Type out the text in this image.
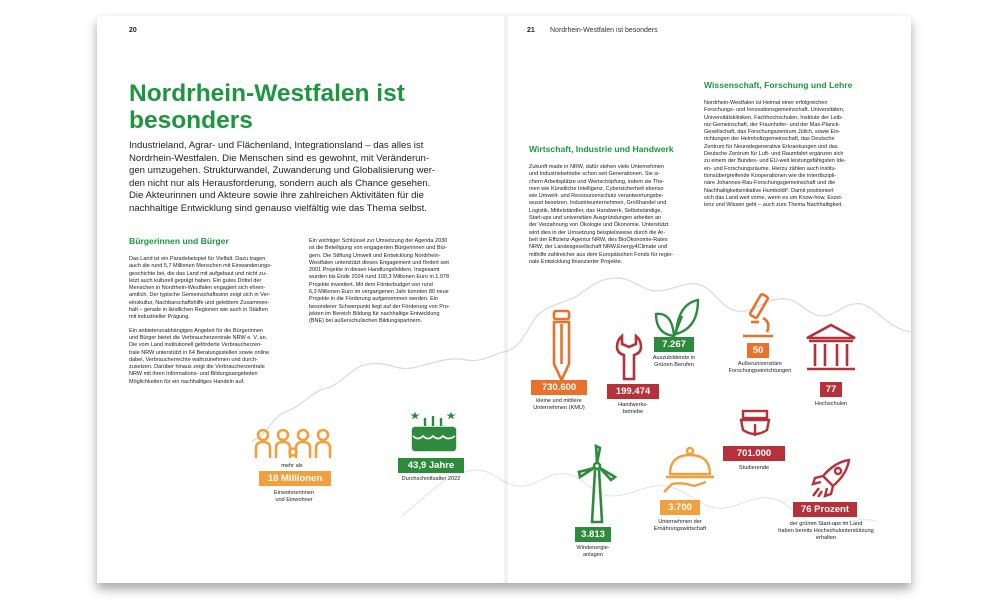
20
Nordrhein-Westfalen ist
besonders
Industrieland, Agrar- und Flächenland, Integrationsland – das alles ist
Nordrhein-Westfalen. Die Menschen sind es gewohnt, mit Veränderun-
gen umzugehen. Strukturwandel, Zuwanderung und Globalisierung wer-
den nicht nur als Herausforderung, sondern auch als Chance gesehen.
Die Akteurinnen und Akteure sowie ihre zahlreichen Aktivitäten für die
nachhaltige Entwicklung sind genauso vielfältig wie das Thema selbst.
Bürgerinnen und Bürger

Das Land ist ein Paradebeispiel für Vielfalt. Dazu tragen
auch die rund 5,7 Millionen Menschen mit Einwanderungs-
geschichte bei, die das Land mit aufgebaut und nicht zu-
letzt auch kulturell geprägt haben. Ein gutes Drittel der
Menschen in Nordrhein-Westfalen engagiert sich ehren-
amtlich. Der typische Gemeinschaftssinn zeigt sich in Ver-
einskultur, Nachbarschaftshilfe und gelebtem Zusammen-
halt – gerade in ländlichen Regionen wie auch in Städten
mit industrieller Prägung.

Ein anbieterunabhängiges Angebot für die Bürgerinnen
und Bürger bietet die Verbraucherzentrale NRW e. V. an.
Die vom Land institutionell geförderte Verbraucherzen-
trale NRW unterstützt in 64 Beratungsstellen sowie online
dabei, Verbraucherrechte wahrzunehmen und durch-
zusetzen. Darüber hinaus zeigt die Verbraucherzentrale
NRW mit ihren Informations- und Bildungsangeboten
Möglichkeiten für ein nachhaltiges Handeln auf.

Ein wichtiger Schlüssel zur Umsetzung der Agenda 2030
ist die Beteiligung von engagierten Bürgerinnen und Bür-
gern. Die Stiftung Umwelt und Entwicklung Nordrhein-
Westfalen unterstützt dieses Engagement und fördert seit
2001 Projekte in diesen Handlungsfeldern. Insgesamt
wurden bis Ende 2024 rund 100,3 Millionen Euro in 1.978
Projekte investiert. Mit dem Förderbudget von rund
6,3 Millionen Euro im vergangenen Jahr konnten 80 neue
Projekte in die Förderung aufgenommen werden. Ein
besonderer Schwerpunkt liegt auf der Förderung von Pro-
jekten im Bereich Bildung für nachhaltige Entwicklung
(BNE) bei außerschulischen Bildungspartnern.

mehr als
18 Millionen
Einwohnerinnen
und Einwohner
43,9 Jahre
Durchschnittsalter 2022
21 Nordrhein-Westfalen ist besonders
Wirtschaft, Industrie und Handwerk
Zukunft made in NRW, dafür stehen viele Unternehmen
und Industriebetriebe schon seit Generationen. Sie si-
chern Arbeitsplätze und Wertschöpfung, indem sie The-
men wie Künstliche Intelligenz, Cybersicherheit ebenso
wie Umwelt- und Ressourcenschutz verantwortungsbe-
wusst besetzen. Industrieunternehmen, Großhandel und
Logistik, Mittelständler, das Handwerk, Selbstständige,
Start-ups und universitäre Ausgründungen arbeiten an
der Verzahnung von Ökologie und Ökonomie. Unterstützt
wird dies in der Umsetzung beispielsweise durch die Ar-
beit der Effizienz-Agentur NRW, des BioÖkonomie-Rates
NRW, der Landesgesellschaft NRW.Energy4Climate und
mithilfe zahlreicher aus dem Europäischen Fonds für regio-
nale Entwicklung finanzierter Projekte.
Wissenschaft, Forschung und Lehre
Nordrhein-Westfalen ist Heimat einer erfolgreichen
Forschungs- und Innovationsgemeinschaft. Universitäten,
Universitätskliniken, Fachhochschulen, Institute der Leib-
niz-Gemeinschaft, der Fraunhofer- und der Max-Planck-
Gesellschaft, das Forschungszentrum Jülich, sowie Ein-
richtungen der Helmholtzgemeinschaft, das Deutsche
Zentrum für Neurodegenerative Erkrankungen und das
Deutsche Zentrum für Luft- und Raumfahrt ergänzen sich
zu einem der Bundes- und EU-weit leistungsfähigsten Ide-
en- und Forschungsräume. Hierzu zählen auch institu-
tionsübergreifende Kooperationen wie die interdiszipli-
näre Johannes-Rau-Forschungsgemeinschaft und die
Nachhaltigkeitsinitiative Humboldt². Damit positioniert
sich das Land weit vorne, wenn es um Know-how, Exzel-
lenz und Wissen geht – auch zum Thema Nachhaltigkeit.
730.600
kleine und mittlere
Unternehmen (KMU)
199.474
Handwerks-
betriebe
7.267
Auszubildende in
Grünen Berufen
50
Außeruniversitäre
Forschungseinrichtungen
77
Hochschulen
701.000
Studierende
3.700
Unternehmen der
Ernährungswirtschaft
3.813
Windenergie-
anlagen
76 Prozent
der grünen Start-ups im Land
haben bereits Hochschulunterstützung
erhalten
